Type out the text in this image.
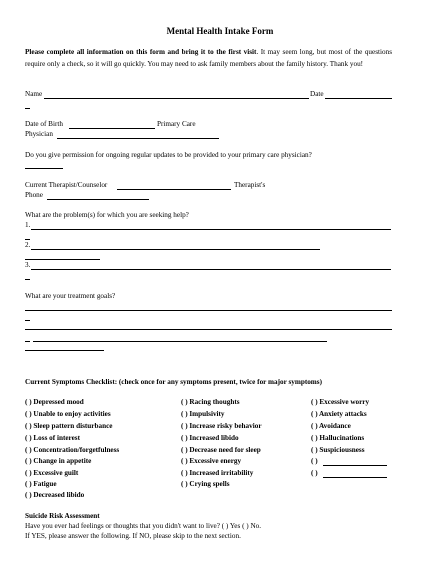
Mental Health Intake Form
Please complete all information on this form and bring it to the first visit. It may seem long, but most of the questions require only a check, so it will go quickly. You may need to ask family members about the family history. Thank you!
Name	Date
Date of Birth	Primary Care
Physician
Do you give permission for ongoing regular updates to be provided to your primary care physician?
Current Therapist/Counselor	Therapist's
Phone
What are the problem(s) for which you are seeking help?
1.
2.
3.
What are your treatment goals?
Current Symptoms Checklist: (check once for any symptoms present, twice for major symptoms)
( ) Depressed mood
( ) Unable to enjoy activities
( ) Sleep pattern disturbance
( ) Loss of interest
( ) Concentration/forgetfulness
( ) Change in appetite
( ) Excessive guilt
( ) Fatigue
( ) Decreased libido
( ) Racing thoughts
( ) Impulsivity
( ) Increase risky behavior
( ) Increased libido
( ) Decrease need for sleep
( ) Excessive energy
( ) Increased irritability
( ) Crying spells
( ) Excessive worry
( ) Anxiety attacks
( ) Avoidance
( ) Hallucinations
( ) Suspiciousness
( )
( )
Suicide Risk Assessment
Have you ever had feelings or thoughts that you didn't want to live? ( ) Yes ( ) No.
If YES, please answer the following. If NO, please skip to the next section.
